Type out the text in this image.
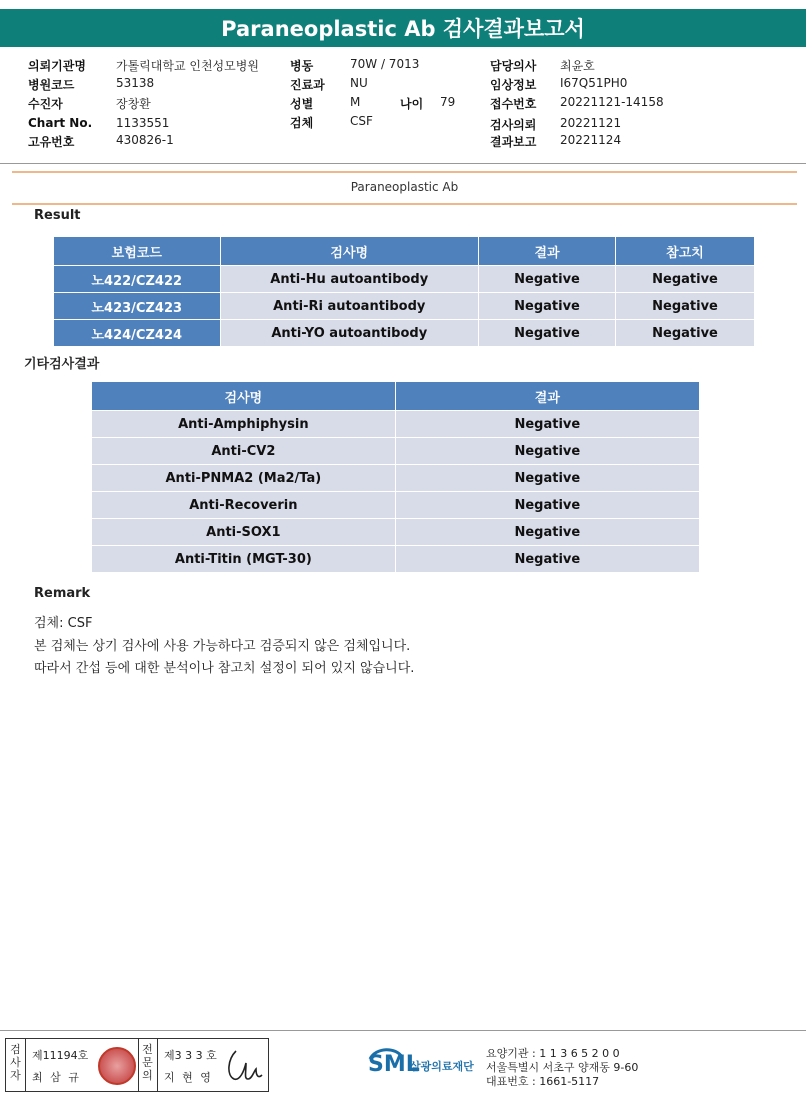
Paraneoplastic Ab 검사결과보고서
의뢰기관명	가톨릭대학교 인천성모병원
병원코드	53138
수진자	장창환
Chart No. 1133551
고유번호	430826-1
병동	70W / 7013
진료과 NU
성별	M	나이 79
검체	CSF
담당의사 최윤호
임상정보 I67Q51PH0
접수번호 20221121-14158
검사의뢰 20221121
결과보고 20221124
Paraneoplastic Ab
Result
보험코드	검사명	결과	참고치
노422/CZ422	Anti-Hu autoantibody	Negative	Negative
노423/CZ423	Anti-Ri autoantibody	Negative	Negative
노424/CZ424	Anti-YO autoantibody	Negative	Negative
기타검사결과
검사명	결과
Anti-Amphiphysin	Negative
Anti-CV2	Negative
Anti-PNMA2 (Ma2/Ta)	Negative
Anti-Recoverin	Negative
Anti-SOX1	Negative
Anti-Titin (MGT-30)	Negative
Remark
검체: CSF
본 검체는 상기 검사에 사용 가능하다고 검증되지 않은 검체입니다.
따라서 간섭 등에 대한 분석이나 참고치 설정이 되어 있지 않습니다.
검사자
제11194호
최 삼 규
전문의
제3 3 3 호
지 현 영
SML
삼광의료재단
요양기관 : 1 1 3 6 5 2 0 0
서울특별시 서초구 양재동 9-60
대표번호 : 1661-5117
